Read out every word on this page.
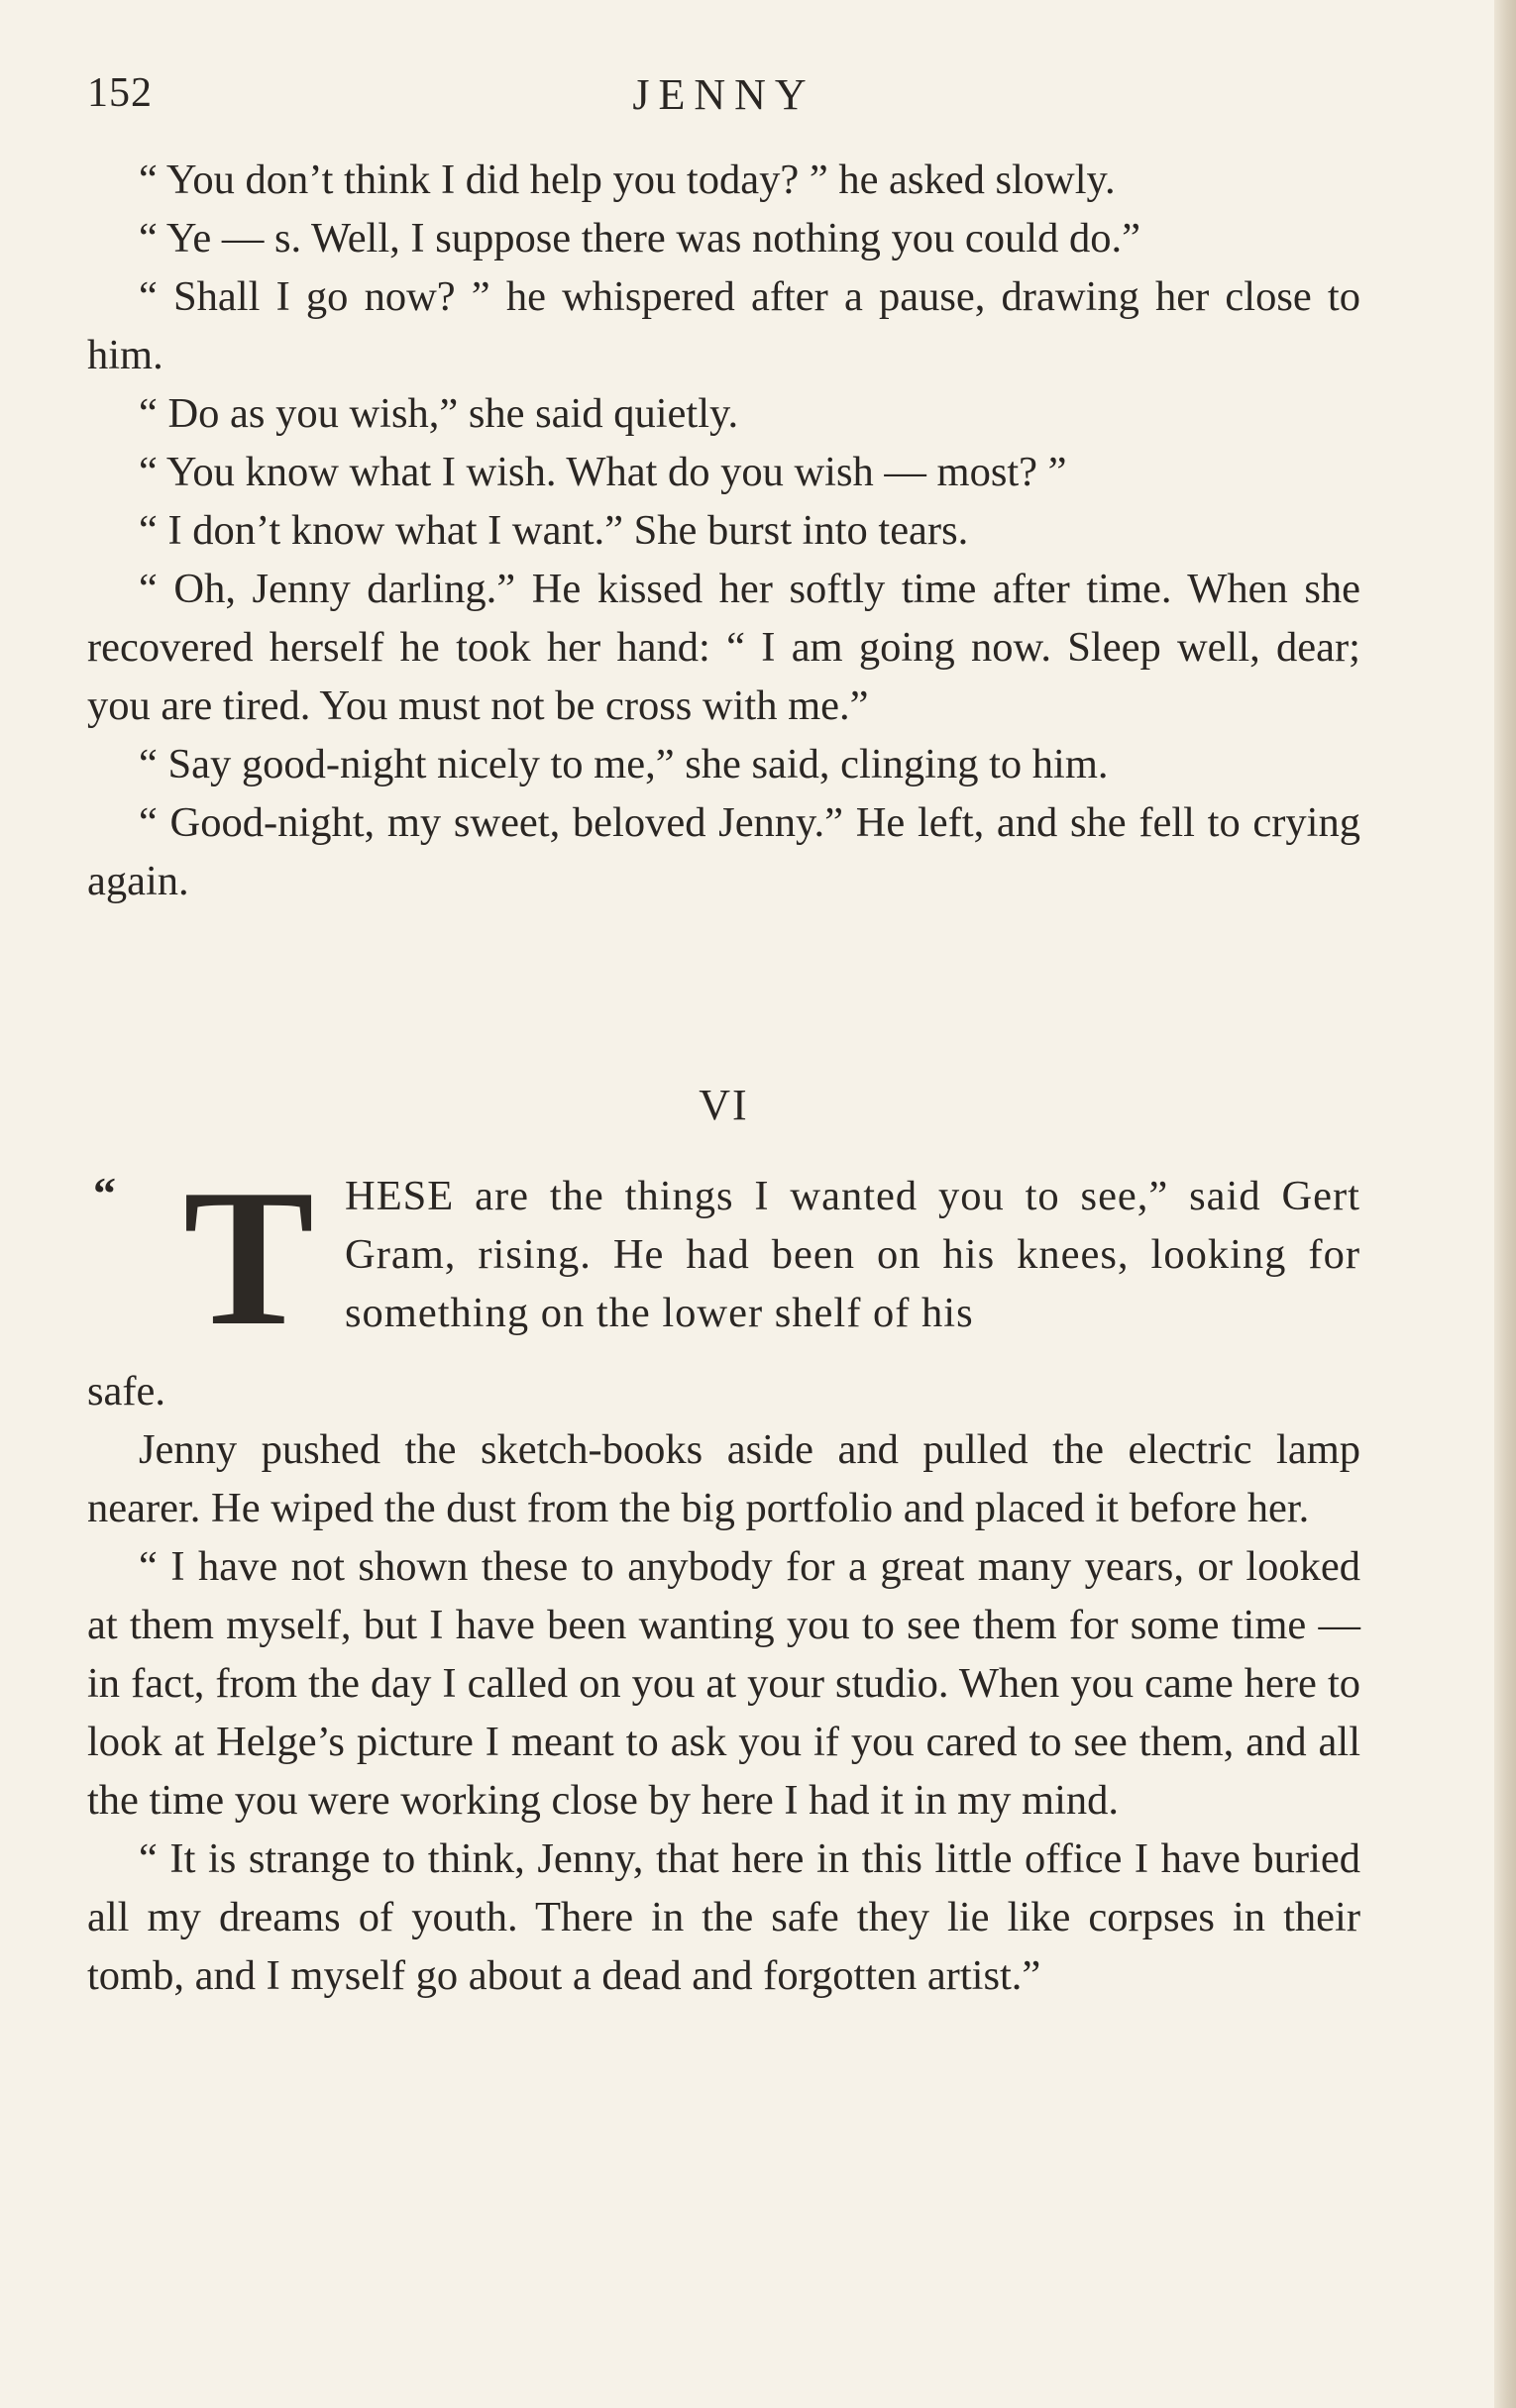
152	JENNY

“ You don’t think I did help you today? ” he asked slowly.

“ Ye — s. Well, I suppose there was nothing you could do.”

“ Shall I go now? ” he whispered after a pause, drawing her close to him.

“ Do as you wish,” she said quietly.

“ You know what I wish. What do you wish — most? ”

“ I don’t know what I want.” She burst into tears.

“ Oh, Jenny darling.” He kissed her softly time after time. When she recovered herself he took her hand: “ I am going now. Sleep well, dear; you are tired. You must not be cross with me.”

“ Say good-night nicely to me,” she said, clinging to him.

“ Good-night, my sweet, beloved Jenny.” He left, and she fell to crying again.

VI
“ T HESE are the things I wanted you to see,” said Gert Gram, rising. He had been on his knees, looking for something on the lower shelf of his

safe.

Jenny pushed the sketch-books aside and pulled the electric lamp nearer. He wiped the dust from the big portfolio and placed it before her.

“ I have not shown these to anybody for a great many years, or looked at them myself, but I have been wanting you to see them for some time — in fact, from the day I called on you at your studio. When you came here to look at Helge’s picture I meant to ask you if you cared to see them, and all the time you were working close by here I had it in my mind.

“ It is strange to think, Jenny, that here in this little office I have buried all my dreams of youth. There in the safe they lie like corpses in their tomb, and I myself go about a dead and forgotten artist.”
